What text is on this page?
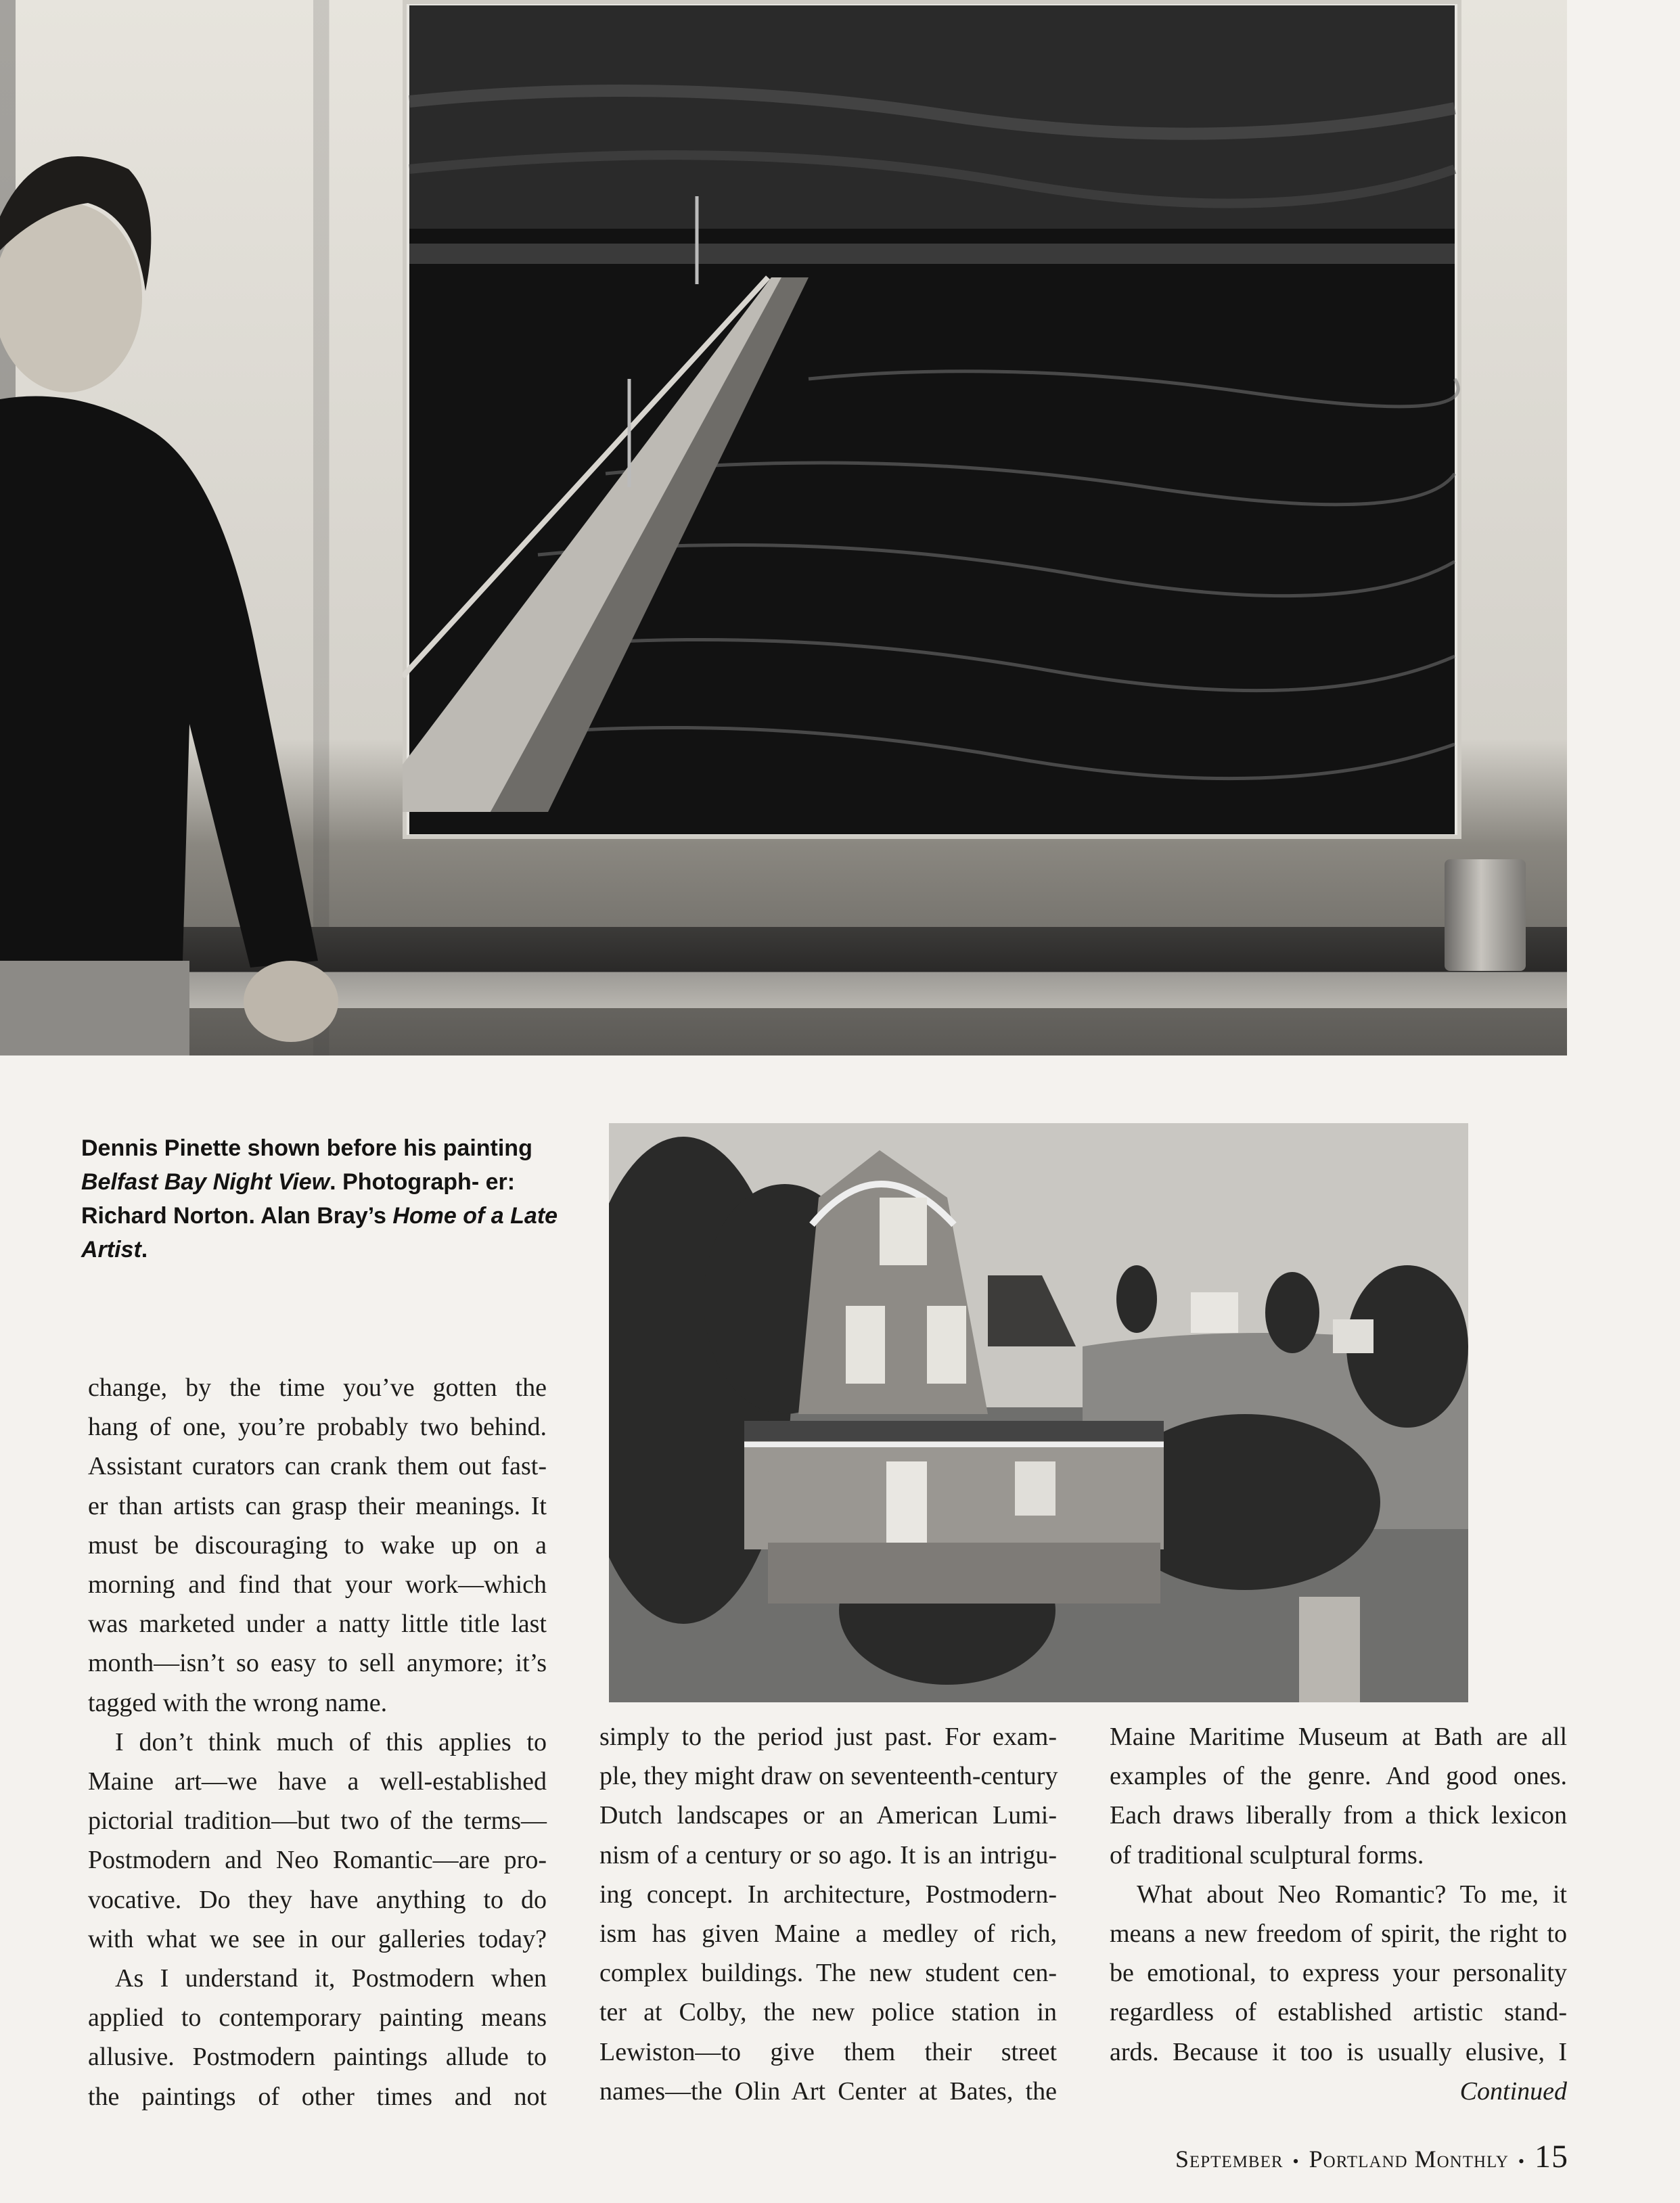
Dennis Pinette shown before his painting Belfast Bay Night View. Photograph- er: Richard Norton. Alan Bray’s Home of a Late Artist.
change, by the time you’ve gotten the
hang of one, you’re probably two behind.
Assistant curators can crank them out fast-
er than artists can grasp their meanings. It
must be discouraging to wake up on a
morning and find that your work—which
was marketed under a natty little title last
month—isn’t so easy to sell anymore; it’s
tagged with the wrong name.
I don’t think much of this applies to
Maine art—we have a well-established
pictorial tradition—but two of the terms—
Postmodern and Neo Romantic—are pro-
vocative. Do they have anything to do
with what we see in our galleries today?
As I understand it, Postmodern when
applied to contemporary painting means
allusive. Postmodern paintings allude to
the paintings of other times and not
simply to the period just past. For exam-
ple, they might draw on seventeenth-century
Dutch landscapes or an American Lumi-
nism of a century or so ago. It is an intrigu-
ing concept. In architecture, Postmodern-
ism has given Maine a medley of rich,
complex buildings. The new student cen-
ter at Colby, the new police station in
Lewiston—to give them their street
names—the Olin Art Center at Bates, the
Maine Maritime Museum at Bath are all
examples of the genre. And good ones.
Each draws liberally from a thick lexicon
of traditional sculptural forms.
What about Neo Romantic? To me, it
means a new freedom of spirit, the right to
be emotional, to express your personality
regardless of established artistic stand-
ards. Because it too is usually elusive, I
Continued
September • Portland Monthly • 15
